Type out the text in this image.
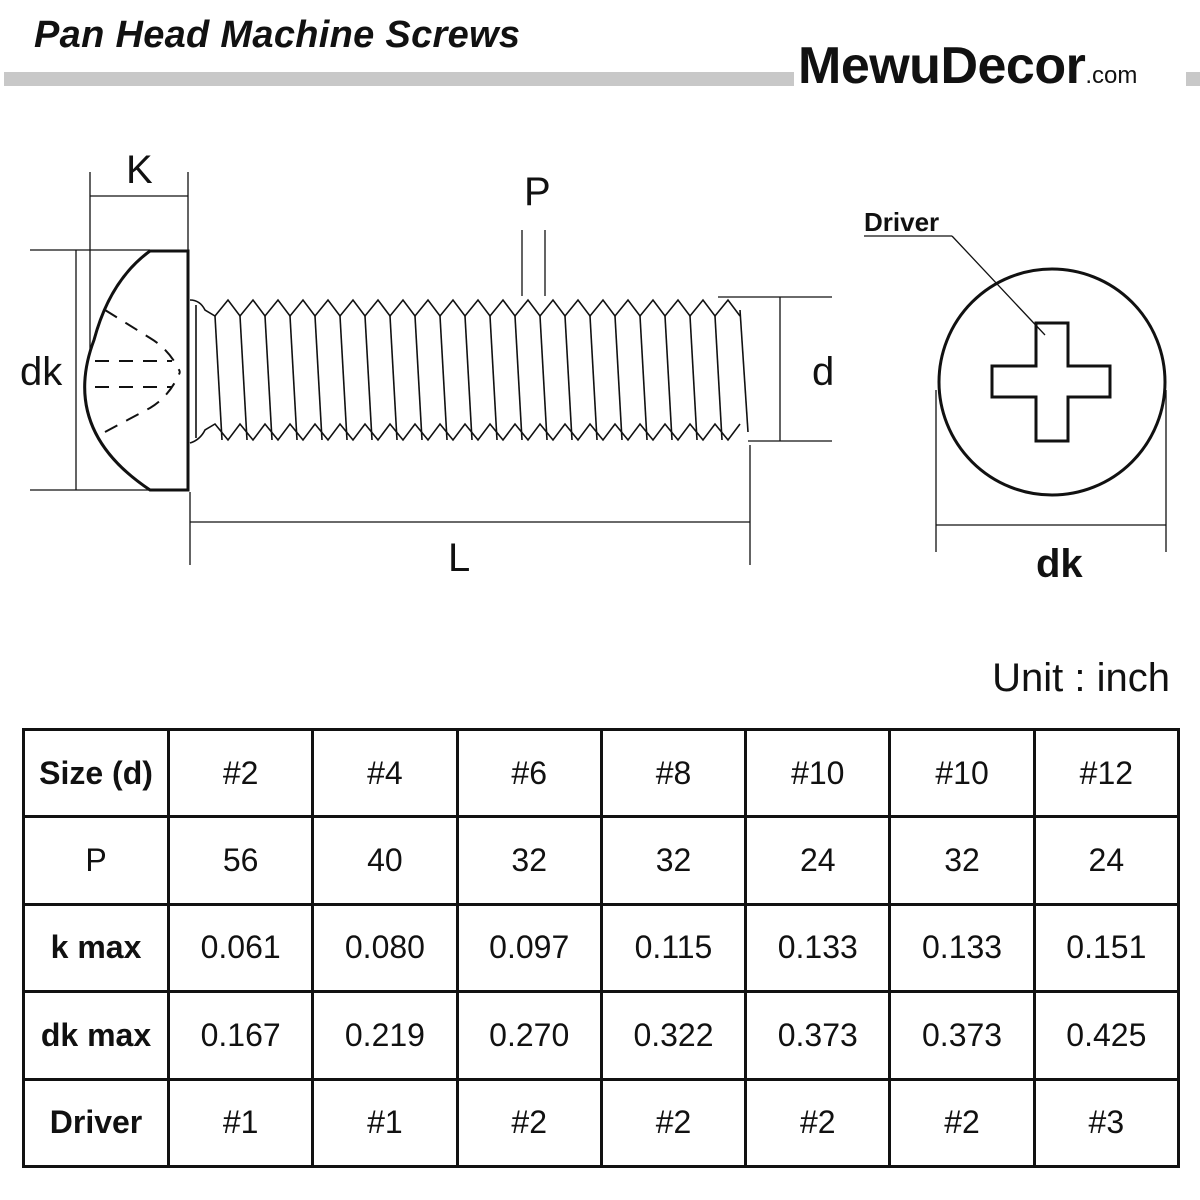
Pan Head Machine Screws
MewuDecor.com
K	P
dk	d
L
Driver
dk
Unit : inch
Size (d)	#2	#4	#6	#8	#10	#10	#12
P	56	40	32	32	24	32	24
k max	0.061	0.080	0.097	0.115	0.133	0.133	0.151
dk max	0.167	0.219	0.270	0.322	0.373	0.373	0.425
Driver	#1	#1	#2	#2	#2	#2	#3
